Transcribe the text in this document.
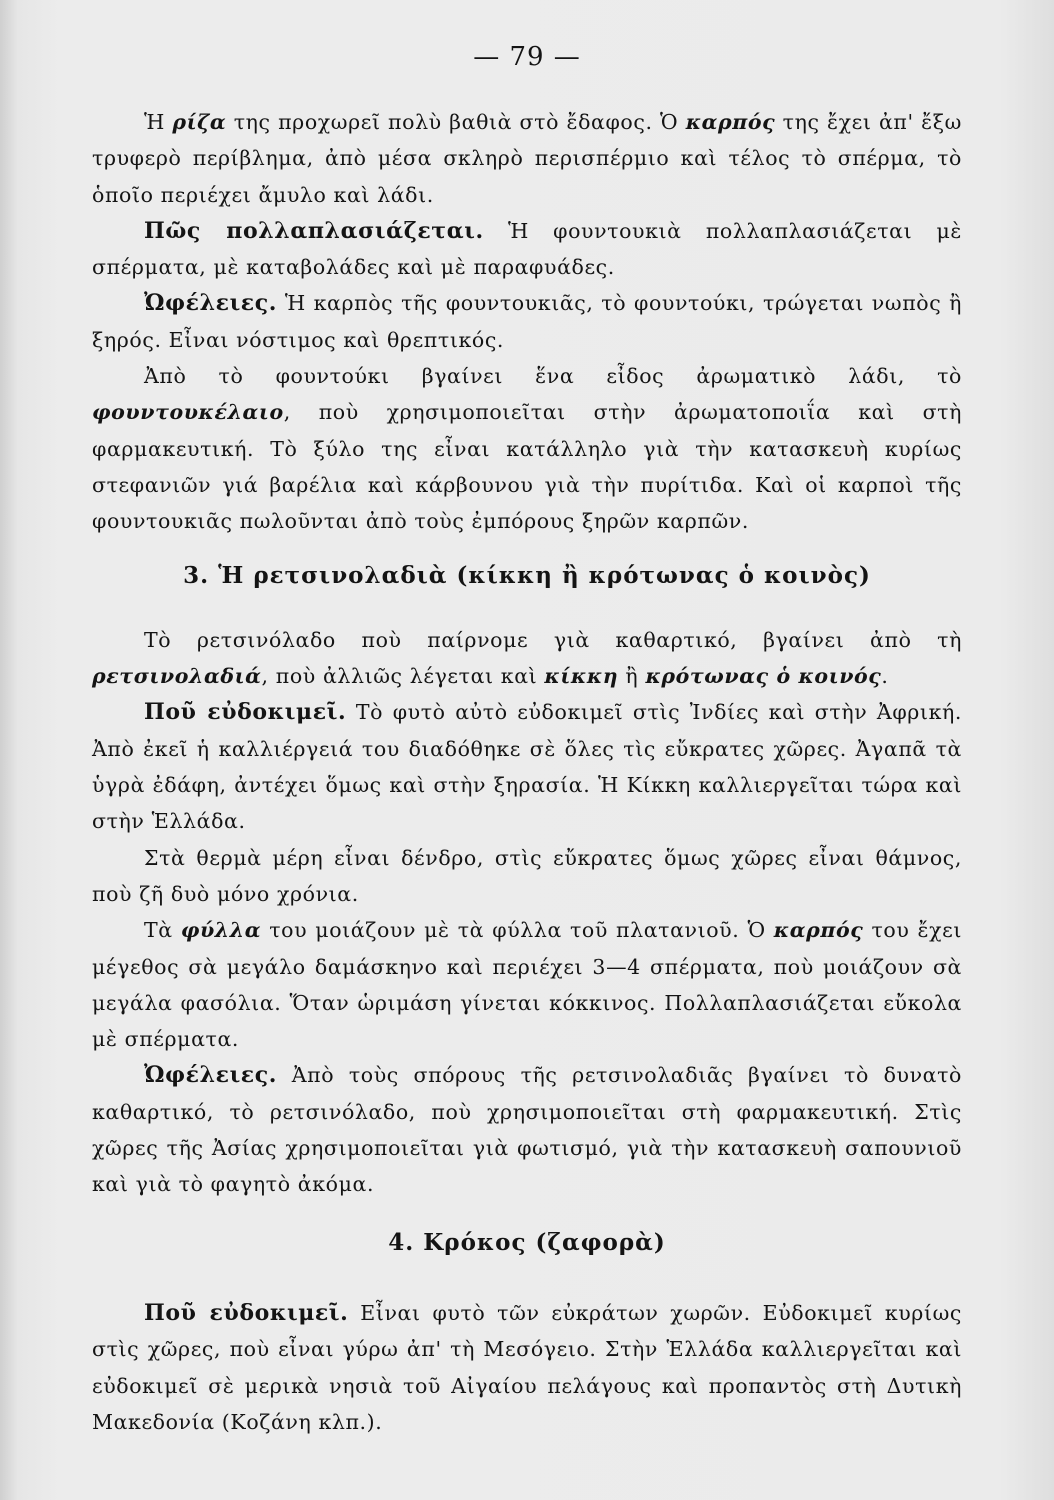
— 79 —

Ἡ ρίζα της προχωρεῖ πολὺ βαθιὰ στὸ ἔδαφος. Ὁ καρπός της ἔχει ἀπ' ἔξω τρυφερὸ περίβλημα, ἀπὸ μέσα σκληρὸ περισπέρμιο καὶ τέλος τὸ σπέρμα, τὸ ὁποῖο περιέχει ἄμυλο καὶ λάδι.

Πῶς πολλαπλασιάζεται. Ἡ φουντουκιὰ πολλαπλασιάζεται μὲ σπέρματα, μὲ καταβολάδες καὶ μὲ παραφυάδες.

Ὠφέλειες. Ἡ καρπὸς τῆς φουντουκιᾶς, τὸ φουντούκι, τρώγεται νωπὸς ἢ ξηρός. Εἶναι νόστιμος καὶ θρεπτικός.

Ἀπὸ τὸ φουντούκι βγαίνει ἕνα εἶδος ἀρωματικὸ λάδι, τὸ φουντουκέλαιο, ποὺ χρησιμοποιεῖται στὴν ἀρωματοποιΐα καὶ στὴ φαρμακευτική. Τὸ ξύλο της εἶναι κατάλληλο γιὰ τὴν κατασκευὴ κυρίως στεφανιῶν γιά βαρέλια καὶ κάρβουνου γιὰ τὴν πυρίτιδα. Καὶ οἱ καρποὶ τῆς φουντουκιᾶς πωλοῦνται ἀπὸ τοὺς ἐμπόρους ξηρῶν καρπῶν.

3. Ἡ ρετσινολαδιὰ (κίκκη ἢ κρότωνας ὁ κοινὸς)

Τὸ ρετσινόλαδο ποὺ παίρνομε γιὰ καθαρτικό, βγαίνει ἀπὸ τὴ ρετσινολαδιά, ποὺ ἀλλιῶς λέγεται καὶ κίκκη ἢ κρότωνας ὁ κοινός.

Ποῦ εὐδοκιμεῖ. Τὸ φυτὸ αὐτὸ εὐδοκιμεῖ στὶς Ἰνδίες καὶ στὴν Ἀφρική. Ἀπὸ ἐκεῖ ἡ καλλιέργειά του διαδόθηκε σὲ ὅλες τὶς εὔκρατες χῶρες. Ἀγαπᾶ τὰ ὑγρὰ ἐδάφη, ἀντέχει ὅμως καὶ στὴν ξηρασία. Ἡ Κίκκη καλλιεργεῖται τώρα καὶ στὴν Ἑλλάδα.

Στὰ θερμὰ μέρη εἶναι δένδρο, στὶς εὔκρατες ὅμως χῶρες εἶναι θάμνος, ποὺ ζῆ δυὸ μόνο χρόνια.

Τὰ φύλλα του μοιάζουν μὲ τὰ φύλλα τοῦ πλατανιοῦ. Ὁ καρπός του ἔχει μέγεθος σὰ μεγάλο δαμάσκηνο καὶ περιέχει 3—4 σπέρματα, ποὺ μοιάζουν σὰ μεγάλα φασόλια. Ὅταν ὡριμάση γίνεται κόκκινος. Πολλαπλασιάζεται εὔκολα μὲ σπέρματα.

Ὠφέλειες. Ἀπὸ τοὺς σπόρους τῆς ρετσινολαδιᾶς βγαίνει τὸ δυνατὸ καθαρτικό, τὸ ρετσινόλαδο, ποὺ χρησιμοποιεῖται στὴ φαρμακευτική. Στὶς χῶρες τῆς Ἀσίας χρησιμοποιεῖται γιὰ φωτισμό, γιὰ τὴν κατασκευὴ σαπουνιοῦ καὶ γιὰ τὸ φαγητὸ ἀκόμα.

4. Κρόκος (ζαφορὰ)

Ποῦ εὐδοκιμεῖ. Εἶναι φυτὸ τῶν εὐκράτων χωρῶν. Εὐδοκιμεῖ κυρίως στὶς χῶρες, ποὺ εἶναι γύρω ἀπ' τὴ Μεσόγειο. Στὴν Ἑλλάδα καλλιεργεῖται καὶ εὐδοκιμεῖ σὲ μερικὰ νησιὰ τοῦ Αἰγαίου πελάγους καὶ προπαντὸς στὴ Δυτικὴ Μακεδονία (Κοζάνη κλπ.).
